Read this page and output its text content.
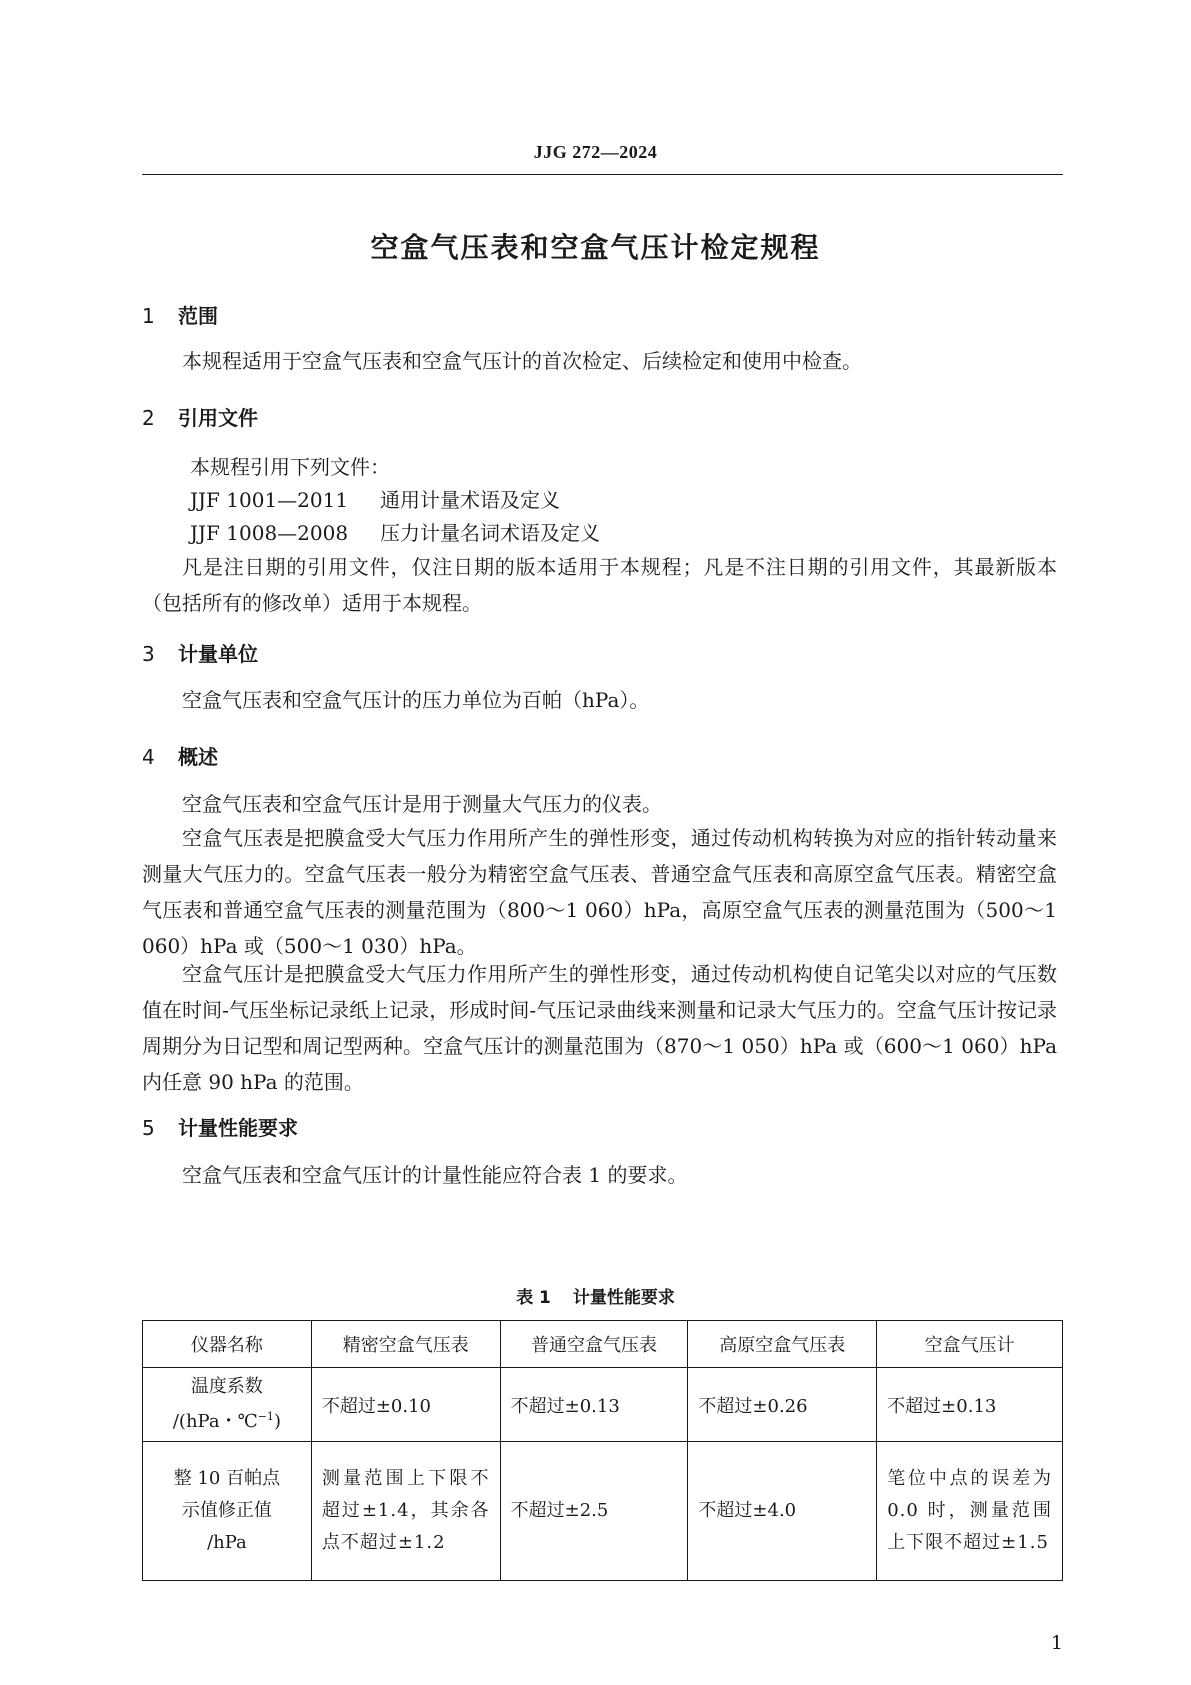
JJG 272—2024
空盒气压表和空盒气压计检定规程
1 范围
本规程适用于空盒气压表和空盒气压计的首次检定、后续检定和使用中检查。
2 引用文件
本规程引用下列文件：
JJF 1001—2011 通用计量术语及定义
JJF 1008—2008 压力计量名词术语及定义
凡是注日期的引用文件，仅注日期的版本适用于本规程；凡是不注日期的引用文件，其最新版本（包括所有的修改单）适用于本规程。
3 计量单位
空盒气压表和空盒气压计的压力单位为百帕（hPa）。
4 概述
空盒气压表和空盒气压计是用于测量大气压力的仪表。
空盒气压表是把膜盒受大气压力作用所产生的弹性形变，通过传动机构转换为对应的指针转动量来测量大气压力的。空盒气压表一般分为精密空盒气压表、普通空盒气压表和高原空盒气压表。精密空盒气压表和普通空盒气压表的测量范围为（800～1 060）hPa，高原空盒气压表的测量范围为（500～1 060）hPa 或（500～1 030）hPa。
空盒气压计是把膜盒受大气压力作用所产生的弹性形变，通过传动机构使自记笔尖以对应的气压数值在时间-气压坐标记录纸上记录，形成时间-气压记录曲线来测量和记录大气压力的。空盒气压计按记录周期分为日记型和周记型两种。空盒气压计的测量范围为（870～1 050）hPa 或（600～1 060）hPa 内任意 90 hPa 的范围。
5 计量性能要求
空盒气压表和空盒气压计的计量性能应符合表 1 的要求。
表 1 计量性能要求
仪器名称	精密空盒气压表	普通空盒气压表	高原空盒气压表	空盒气压计

温度系数
/(hPa・℃$^{-1}$)	不超过±0.10	不超过±0.13	不超过±0.26	不超过±0.13

整 10 百帕点
示值修正值
/hPa	测量范围上下限不超过±1.4，其余各点不超过±1.2	不超过±2.5	不超过±4.0	笔位中点的误差为 0.0 时，测量范围上下限不超过±1.5
1
